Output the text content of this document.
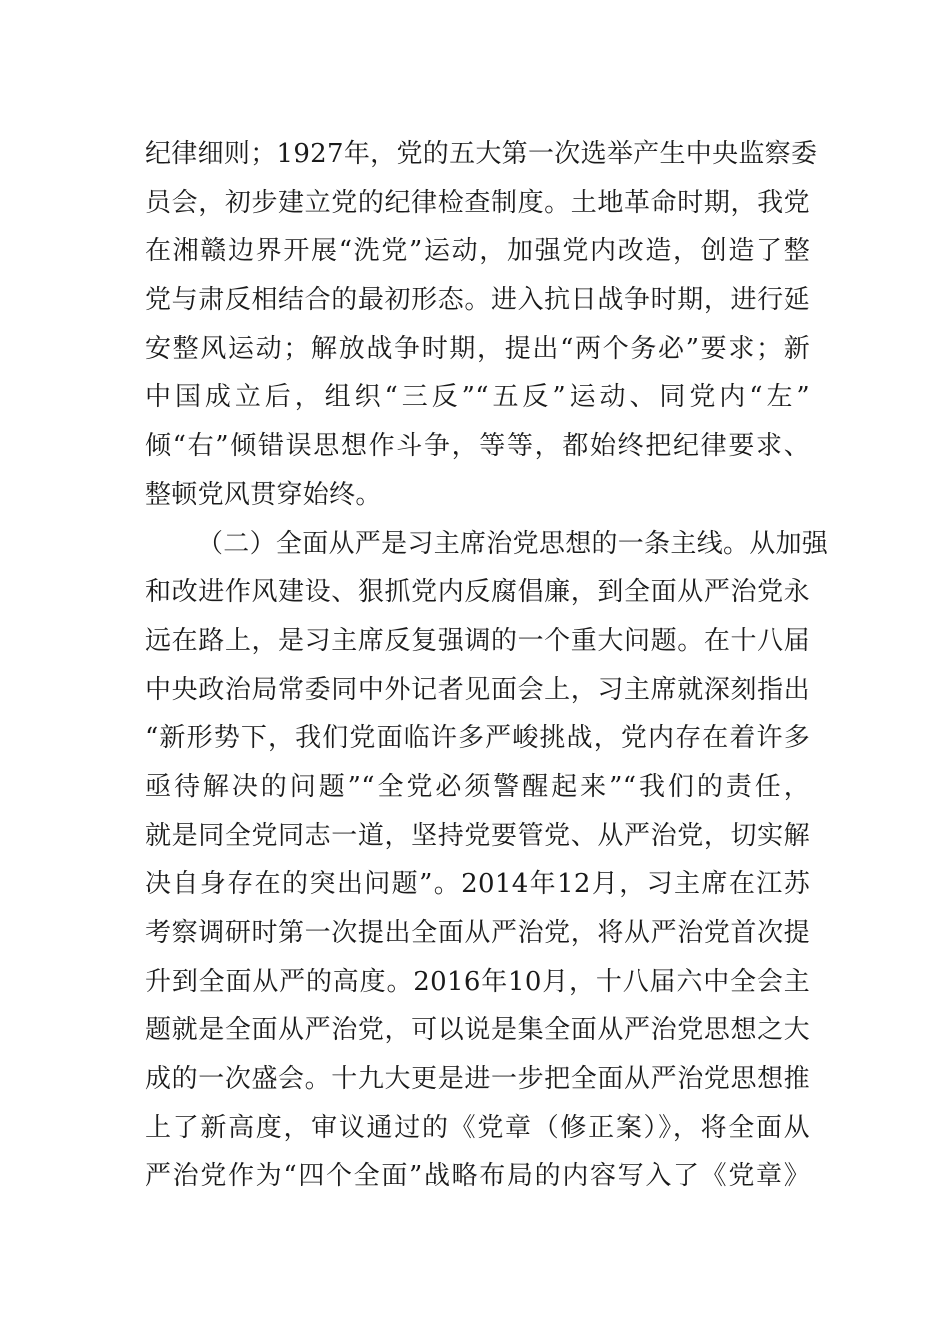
纪律细则；1927年，党的五大第一次选举产生中央监察委
员会，初步建立党的纪律检查制度。土地革命时期，我党
在湘赣边界开展“洗党”运动，加强党内改造，创造了整
党与肃反相结合的最初形态。进入抗日战争时期，进行延
安整风运动；解放战争时期，提出“两个务必”要求；新
中国成立后，组织“三反”“五反”运动、同党内“左”
倾“右”倾错误思想作斗争，等等，都始终把纪律要求、
整顿党风贯穿始终。
（二）全面从严是习主席治党思想的一条主线。从加强
和改进作风建设、狠抓党内反腐倡廉，到全面从严治党永
远在路上，是习主席反复强调的一个重大问题。在十八届
中央政治局常委同中外记者见面会上，习主席就深刻指出
“新形势下，我们党面临许多严峻挑战，党内存在着许多
亟待解决的问题”“全党必须警醒起来”“我们的责任，
就是同全党同志一道，坚持党要管党、从严治党，切实解
决自身存在的突出问题”。2014年12月，习主席在江苏
考察调研时第一次提出全面从严治党，将从严治党首次提
升到全面从严的高度。2016年10月，十八届六中全会主
题就是全面从严治党，可以说是集全面从严治党思想之大
成的一次盛会。十九大更是进一步把全面从严治党思想推
上了新高度，审议通过的《党章（修正案）》，将全面从
严治党作为“四个全面”战略布局的内容写入了《党章》
